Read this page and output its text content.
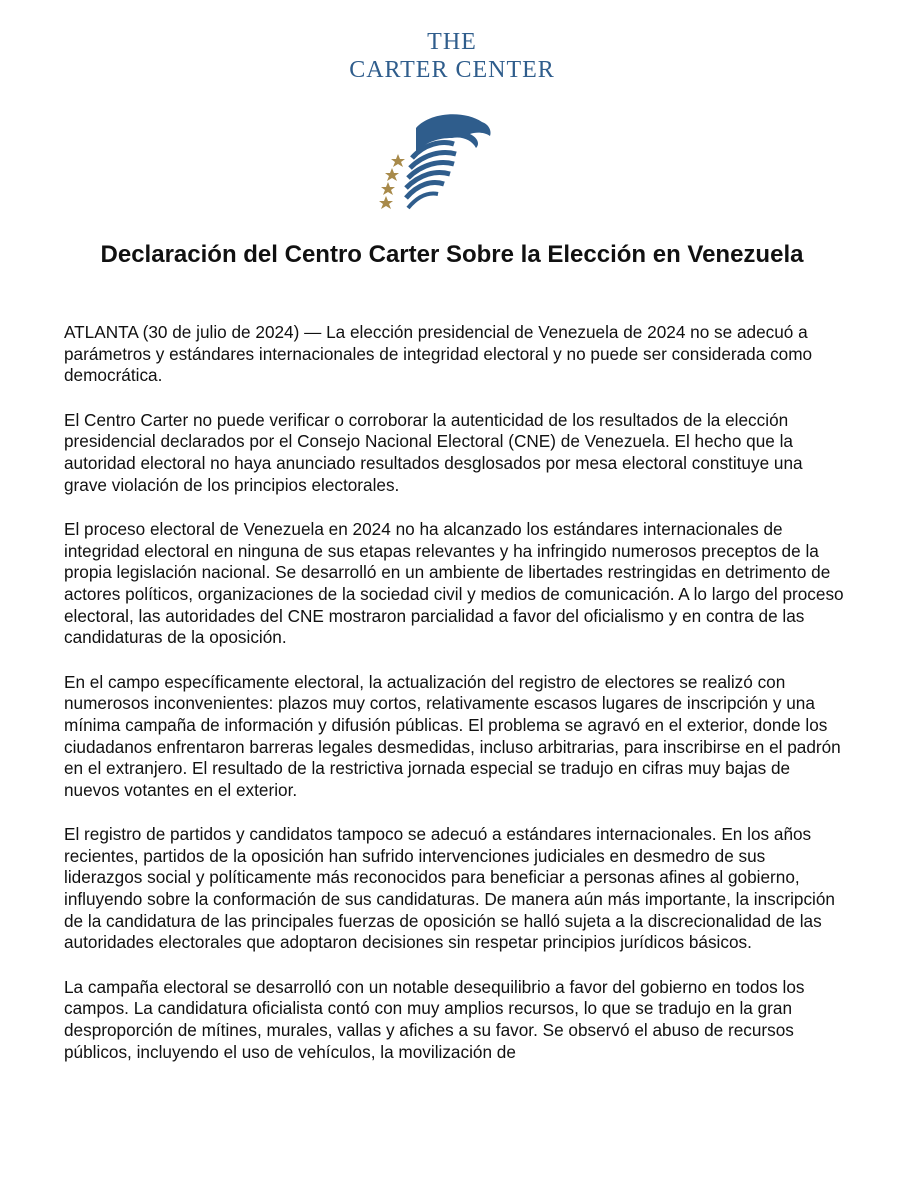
THE
CARTER CENTER
Declaración del Centro Carter Sobre la Elección en Venezuela

ATLANTA (30 de julio de 2024) — La elección presidencial de Venezuela de 2024 no se adecuó a parámetros y estándares internacionales de integridad electoral y no puede ser considerada como democrática.

El Centro Carter no puede verificar o corroborar la autenticidad de los resultados de la elección presidencial declarados por el Consejo Nacional Electoral (CNE) de Venezuela. El hecho que la autoridad electoral no haya anunciado resultados desglosados por mesa electoral constituye una grave violación de los principios electorales.

El proceso electoral de Venezuela en 2024 no ha alcanzado los estándares internacionales de integridad electoral en ninguna de sus etapas relevantes y ha infringido numerosos preceptos de la propia legislación nacional. Se desarrolló en un ambiente de libertades restringidas en detrimento de actores políticos, organizaciones de la sociedad civil y medios de comunicación. A lo largo del proceso electoral, las autoridades del CNE mostraron parcialidad a favor del oficialismo y en contra de las candidaturas de la oposición.

En el campo específicamente electoral, la actualización del registro de electores se realizó con numerosos inconvenientes: plazos muy cortos, relativamente escasos lugares de inscripción y una mínima campaña de información y difusión públicas. El problema se agravó en el exterior, donde los ciudadanos enfrentaron barreras legales desmedidas, incluso arbitrarias, para inscribirse en el padrón en el extranjero. El resultado de la restrictiva jornada especial se tradujo en cifras muy bajas de nuevos votantes en el exterior.

El registro de partidos y candidatos tampoco se adecuó a estándares internacionales. En los años recientes, partidos de la oposición han sufrido intervenciones judiciales en desmedro de sus liderazgos social y políticamente más reconocidos para beneficiar a personas afines al gobierno, influyendo sobre la conformación de sus candidaturas. De manera aún más importante, la inscripción de la candidatura de las principales fuerzas de oposición se halló sujeta a la discrecionalidad de las autoridades electorales que adoptaron decisiones sin respetar principios jurídicos básicos.

La campaña electoral se desarrolló con un notable desequilibrio a favor del gobierno en todos los campos. La candidatura oficialista contó con muy amplios recursos, lo que se tradujo en la gran desproporción de mítines, murales, vallas y afiches a su favor. Se observó el abuso de recursos públicos, incluyendo el uso de vehículos, la movilización de
